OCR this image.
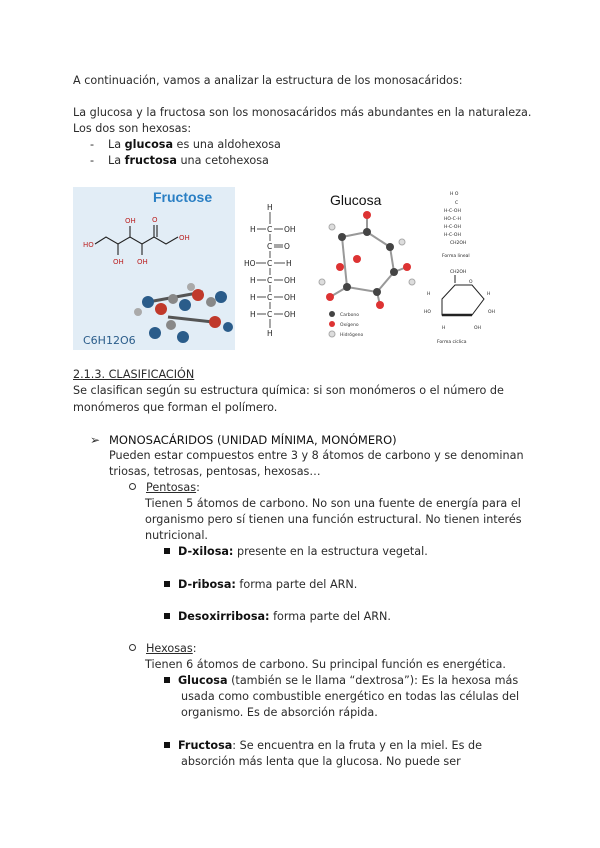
A continuación, vamos a analizar la estructura de los monosacáridos:
La glucosa y la fructosa son los monosacáridos más abundantes en la naturaleza.
Los dos son hexosas:
- La glucosa es una aldohexosa
- La fructosa una cetohexosa
Fructose
HO
OH
OH
OH
O
OH
C6H12O6
H
H C OH
C O
HO C H
H C OH
H C OH
H C OH
H
Glucosa
Carbono
Oxígeno
Hidrógeno
H O
C
H-C-OH
HO-C-H
H-C-OH
H-C-OH
CH2OH
Forma lineal
CH2OH
H	H
HO	OH
H	OH
Forma cíclica
O
2.1.3. CLASIFICACIÓN
Se clasifican según su estructura química: si son monómeros o el número de
monómeros que forman el polímero.
➢ MONOSACÁRIDOS (UNIDAD MÍNIMA, MONÓMERO)
Pueden estar compuestos entre 3 y 8 átomos de carbono y se denominan
triosas, tetrosas, pentosas, hexosas…
Pentosas:
Tienen 5 átomos de carbono. No son una fuente de energía para el
organismo pero sí tienen una función estructural. No tienen interés
nutricional.
D-xilosa: presente en la estructura vegetal.
D-ribosa: forma parte del ARN.
Desoxirribosa: forma parte del ARN.
Hexosas:
Tienen 6 átomos de carbono. Su principal función es energética.
Glucosa (también se le llama “dextrosa”): Es la hexosa más
usada como combustible energético en todas las células del
organismo. Es de absorción rápida.
Fructosa: Se encuentra en la fruta y en la miel. Es de
absorción más lenta que la glucosa. No puede ser
